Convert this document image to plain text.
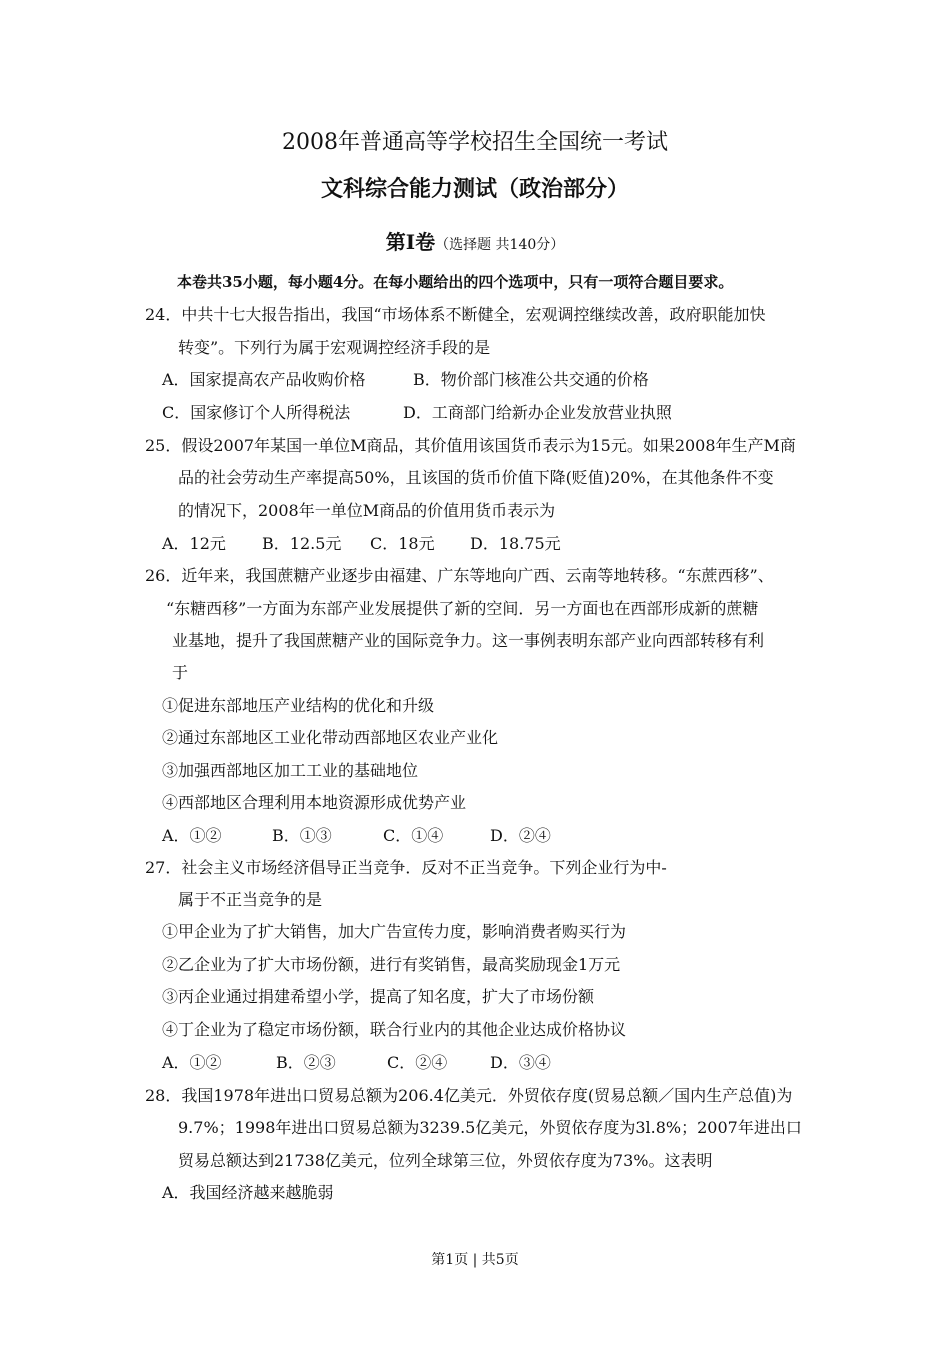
2008年普通高等学校招生全国统一考试
文科综合能力测试（政治部分）
第I卷（选择题 共140分）
本卷共35小题，每小题4分。在每小题给出的四个选项中，只有一项符合题目要求。
24．中共十七大报告指出，我国“市场体系不断健全，宏观调控继续改善，政府职能加快
转变”。下列行为属于宏观调控经济手段的是
A．国家提高农产品收购价格	B．物价部门核准公共交通的价格
C．国家修订个人所得税法	D．工商部门给新办企业发放营业执照
25．假设2007年某国一单位M商品，其价值用该国货币表示为15元。如果2008年生产M商
品的社会劳动生产率提高50%，且该国的货币价值下降(贬值)20%，在其他条件不变
的情况下，2008年一单位M商品的价值用货币表示为
A．12元 B．12.5元 C．18元 D．18.75元
26．近年来，我国蔗糖产业逐步由福建、广东等地向广西、云南等地转移。“东蔗西移”、
“东糖西移”一方面为东部产业发展提供了新的空间．另一方面也在西部形成新的蔗糖
业基地，提升了我国蔗糖产业的国际竞争力。这一事例表明东部产业向西部转移有利
于
①促进东部地压产业结构的优化和升级
②通过东部地区工业化带动西部地区农业产业化
③加强西部地区加工工业的基础地位
④西部地区合理利用本地资源形成优势产业
A．①②	B．①③	C．①④	D．②④
27．社会主义市场经济倡导正当竞争．反对不正当竞争。下列企业行为中-
属于不正当竞争的是
①甲企业为了扩大销售，加大广告宣传力度，影响消费者购买行为
②乙企业为了扩大市场份额，进行有奖销售，最高奖励现金1万元
③丙企业通过捐建希望小学，提高了知名度，扩大了市场份额
④丁企业为了稳定市场份额，联合行业内的其他企业达成价格协议
A．①②	B．②③	C．②④	D．③④
28．我国1978年进出口贸易总额为206.4亿美元．外贸依存度(贸易总额／国内生产总值)为
9.7%；1998年进出口贸易总额为3239.5亿美元，外贸依存度为3l.8%；2007年进出口
贸易总额达到21738亿美元，位列全球第三位，外贸依存度为73%。这表明
A．我国经济越来越脆弱
第1页 | 共5页
